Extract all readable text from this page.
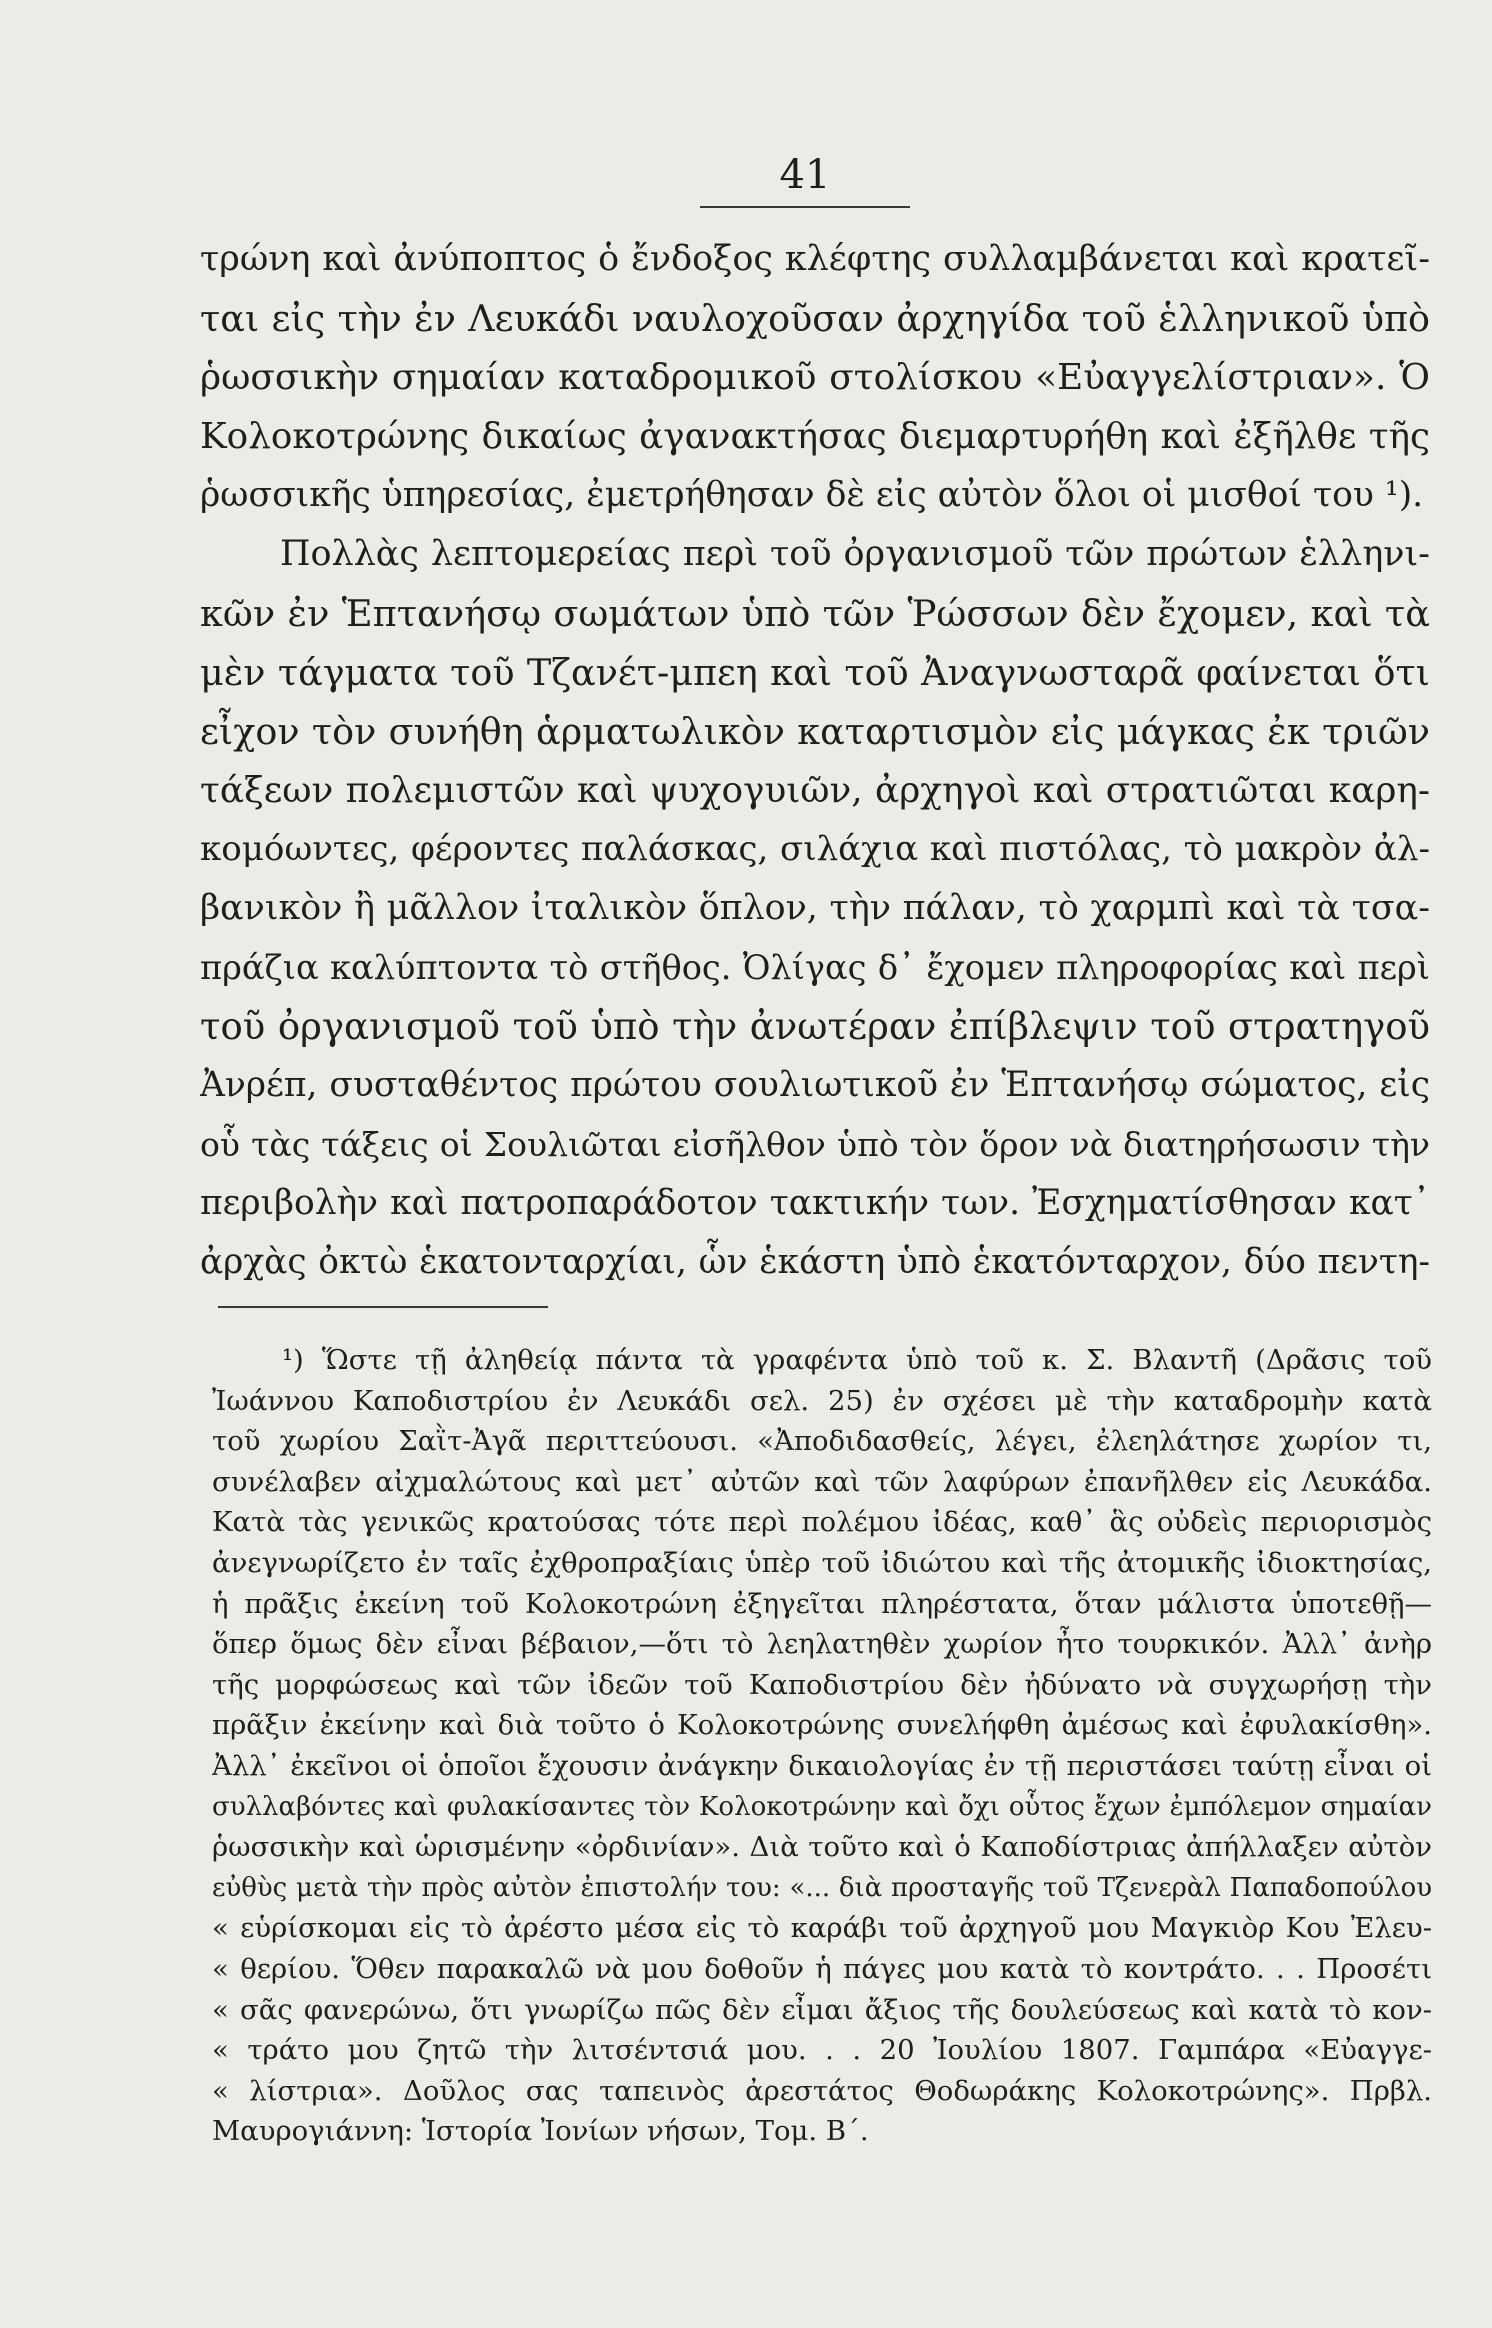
41
τρώνη καὶ ἀνύποπτος ὁ ἔνδοξος κλέφτης συλλαμβάνεται καὶ κρατεῖ-
ται εἰς τὴν ἐν Λευκάδι ναυλοχοῦσαν ἀρχηγίδα τοῦ ἑλληνικοῦ ὑπὸ
ῥωσσικὴν σημαίαν καταδρομικοῦ στολίσκου «Εὐαγγελίστριαν». Ὁ
Κολοκοτρώνης δικαίως ἀγανακτήσας διεμαρτυρήθη καὶ ἐξῆλθε τῆς
ῥωσσικῆς ὑπηρεσίας, ἐμετρήθησαν δὲ εἰς αὐτὸν ὅλοι οἱ μισθοί του ¹).
Πολλὰς λεπτομερείας περὶ τοῦ ὀργανισμοῦ τῶν πρώτων ἑλληνι-
κῶν ἐν Ἑπτανήσῳ σωμάτων ὑπὸ τῶν Ῥώσσων δὲν ἔχομεν, καὶ τὰ
μὲν τάγματα τοῦ Τζανέτ-μπεη καὶ τοῦ Ἀναγνωσταρᾶ φαίνεται ὅτι
εἶχον τὸν συνήθη ἁρματωλικὸν καταρτισμὸν εἰς μάγκας ἐκ τριῶν
τάξεων πολεμιστῶν καὶ ψυχογυιῶν, ἀρχηγοὶ καὶ στρατιῶται καρη-
κομόωντες, φέροντες παλάσκας, σιλάχια καὶ πιστόλας, τὸ μακρὸν ἀλ-
βανικὸν ἢ μᾶλλον ἰταλικὸν ὅπλον, τὴν πάλαν, τὸ χαρμπὶ καὶ τὰ τσα-
πράζια καλύπτοντα τὸ στῆθος. Ὀλίγας δ᾽ ἔχομεν πληροφορίας καὶ περὶ
τοῦ ὀργανισμοῦ τοῦ ὑπὸ τὴν ἀνωτέραν ἐπίβλεψιν τοῦ στρατηγοῦ
Ἀνρέπ, συσταθέντος πρώτου σουλιωτικοῦ ἐν Ἑπτανήσῳ σώματος, εἰς
οὗ τὰς τάξεις οἱ Σουλιῶται εἰσῆλθον ὑπὸ τὸν ὅρον νὰ διατηρήσωσιν τὴν
περιβολὴν καὶ πατροπαράδοτον τακτικήν των. Ἐσχηματίσθησαν κατ᾽
ἀρχὰς ὀκτὼ ἑκατονταρχίαι, ὧν ἑκάστη ὑπὸ ἑκατόνταρχον, δύο πεντη-
¹) Ὥστε τῇ ἀληθείᾳ πάντα τὰ γραφέντα ὑπὸ τοῦ κ. Σ. Βλαντῆ (Δρᾶσις τοῦ
Ἰωάννου Καποδιστρίου ἐν Λευκάδι σελ. 25) ἐν σχέσει μὲ τὴν καταδρομὴν κατὰ
τοῦ χωρίου Σαῒτ-Ἀγᾶ περιττεύουσι. «Ἀποδιδασθείς, λέγει, ἐλεηλάτησε χωρίον τι,
συνέλαβεν αἰχμαλώτους καὶ μετ᾽ αὐτῶν καὶ τῶν λαφύρων ἐπανῆλθεν εἰς Λευκάδα.
Κατὰ τὰς γενικῶς κρατούσας τότε περὶ πολέμου ἰδέας, καθ᾽ ἃς οὐδεὶς περιορισμὸς
ἀνεγνωρίζετο ἐν ταῖς ἐχθροπραξίαις ὑπὲρ τοῦ ἰδιώτου καὶ τῆς ἀτομικῆς ἰδιοκτησίας,
ἡ πρᾶξις ἐκείνη τοῦ Κολοκοτρώνη ἐξηγεῖται πληρέστατα, ὅταν μάλιστα ὑποτεθῇ—
ὅπερ ὅμως δὲν εἶναι βέβαιον,—ὅτι τὸ λεηλατηθὲν χωρίον ἦτο τουρκικόν. Ἀλλ᾽ ἀνὴρ
τῆς μορφώσεως καὶ τῶν ἰδεῶν τοῦ Καποδιστρίου δὲν ἠδύνατο νὰ συγχωρήσῃ τὴν
πρᾶξιν ἐκείνην καὶ διὰ τοῦτο ὁ Κολοκοτρώνης συνελήφθη ἀμέσως καὶ ἐφυλακίσθη».
Ἀλλ᾽ ἐκεῖνοι οἱ ὁποῖοι ἔχουσιν ἀνάγκην δικαιολογίας ἐν τῇ περιστάσει ταύτῃ εἶναι οἱ
συλλαβόντες καὶ φυλακίσαντες τὸν Κολοκοτρώνην καὶ ὄχι οὗτος ἔχων ἐμπόλεμον σημαίαν
ῥωσσικὴν καὶ ὡρισμένην «ὀρδινίαν». Διὰ τοῦτο καὶ ὁ Καποδίστριας ἀπήλλαξεν αὐτὸν
εὐθὺς μετὰ τὴν πρὸς αὐτὸν ἐπιστολήν του: «... διὰ προσταγῆς τοῦ Τζενερὰλ Παπαδοπούλου
« εὑρίσκομαι εἰς τὸ ἀρέστο μέσα εἰς τὸ καράβι τοῦ ἀρχηγοῦ μου Μαγκιὸρ Κου Ἐλευ-
« θερίου. Ὅθεν παρακαλῶ νὰ μου δοθοῦν ἡ πάγες μου κατὰ τὸ κοντράτο. . . Προσέτι
« σᾶς φανερώνω, ὅτι γνωρίζω πῶς δὲν εἶμαι ἄξιος τῆς δουλεύσεως καὶ κατὰ τὸ κον-
« τράτο μου ζητῶ τὴν λιτσέντσιά μου. . . 20 Ἰουλίου 1807. Γαμπάρα «Εὐαγγε-
« λίστρια». Δοῦλος σας ταπεινὸς ἀρεστάτος Θοδωράκης Κολοκοτρώνης». Πρβλ.
Μαυρογιάννη: Ἱστορία Ἰονίων νήσων, Τομ. Β΄.
